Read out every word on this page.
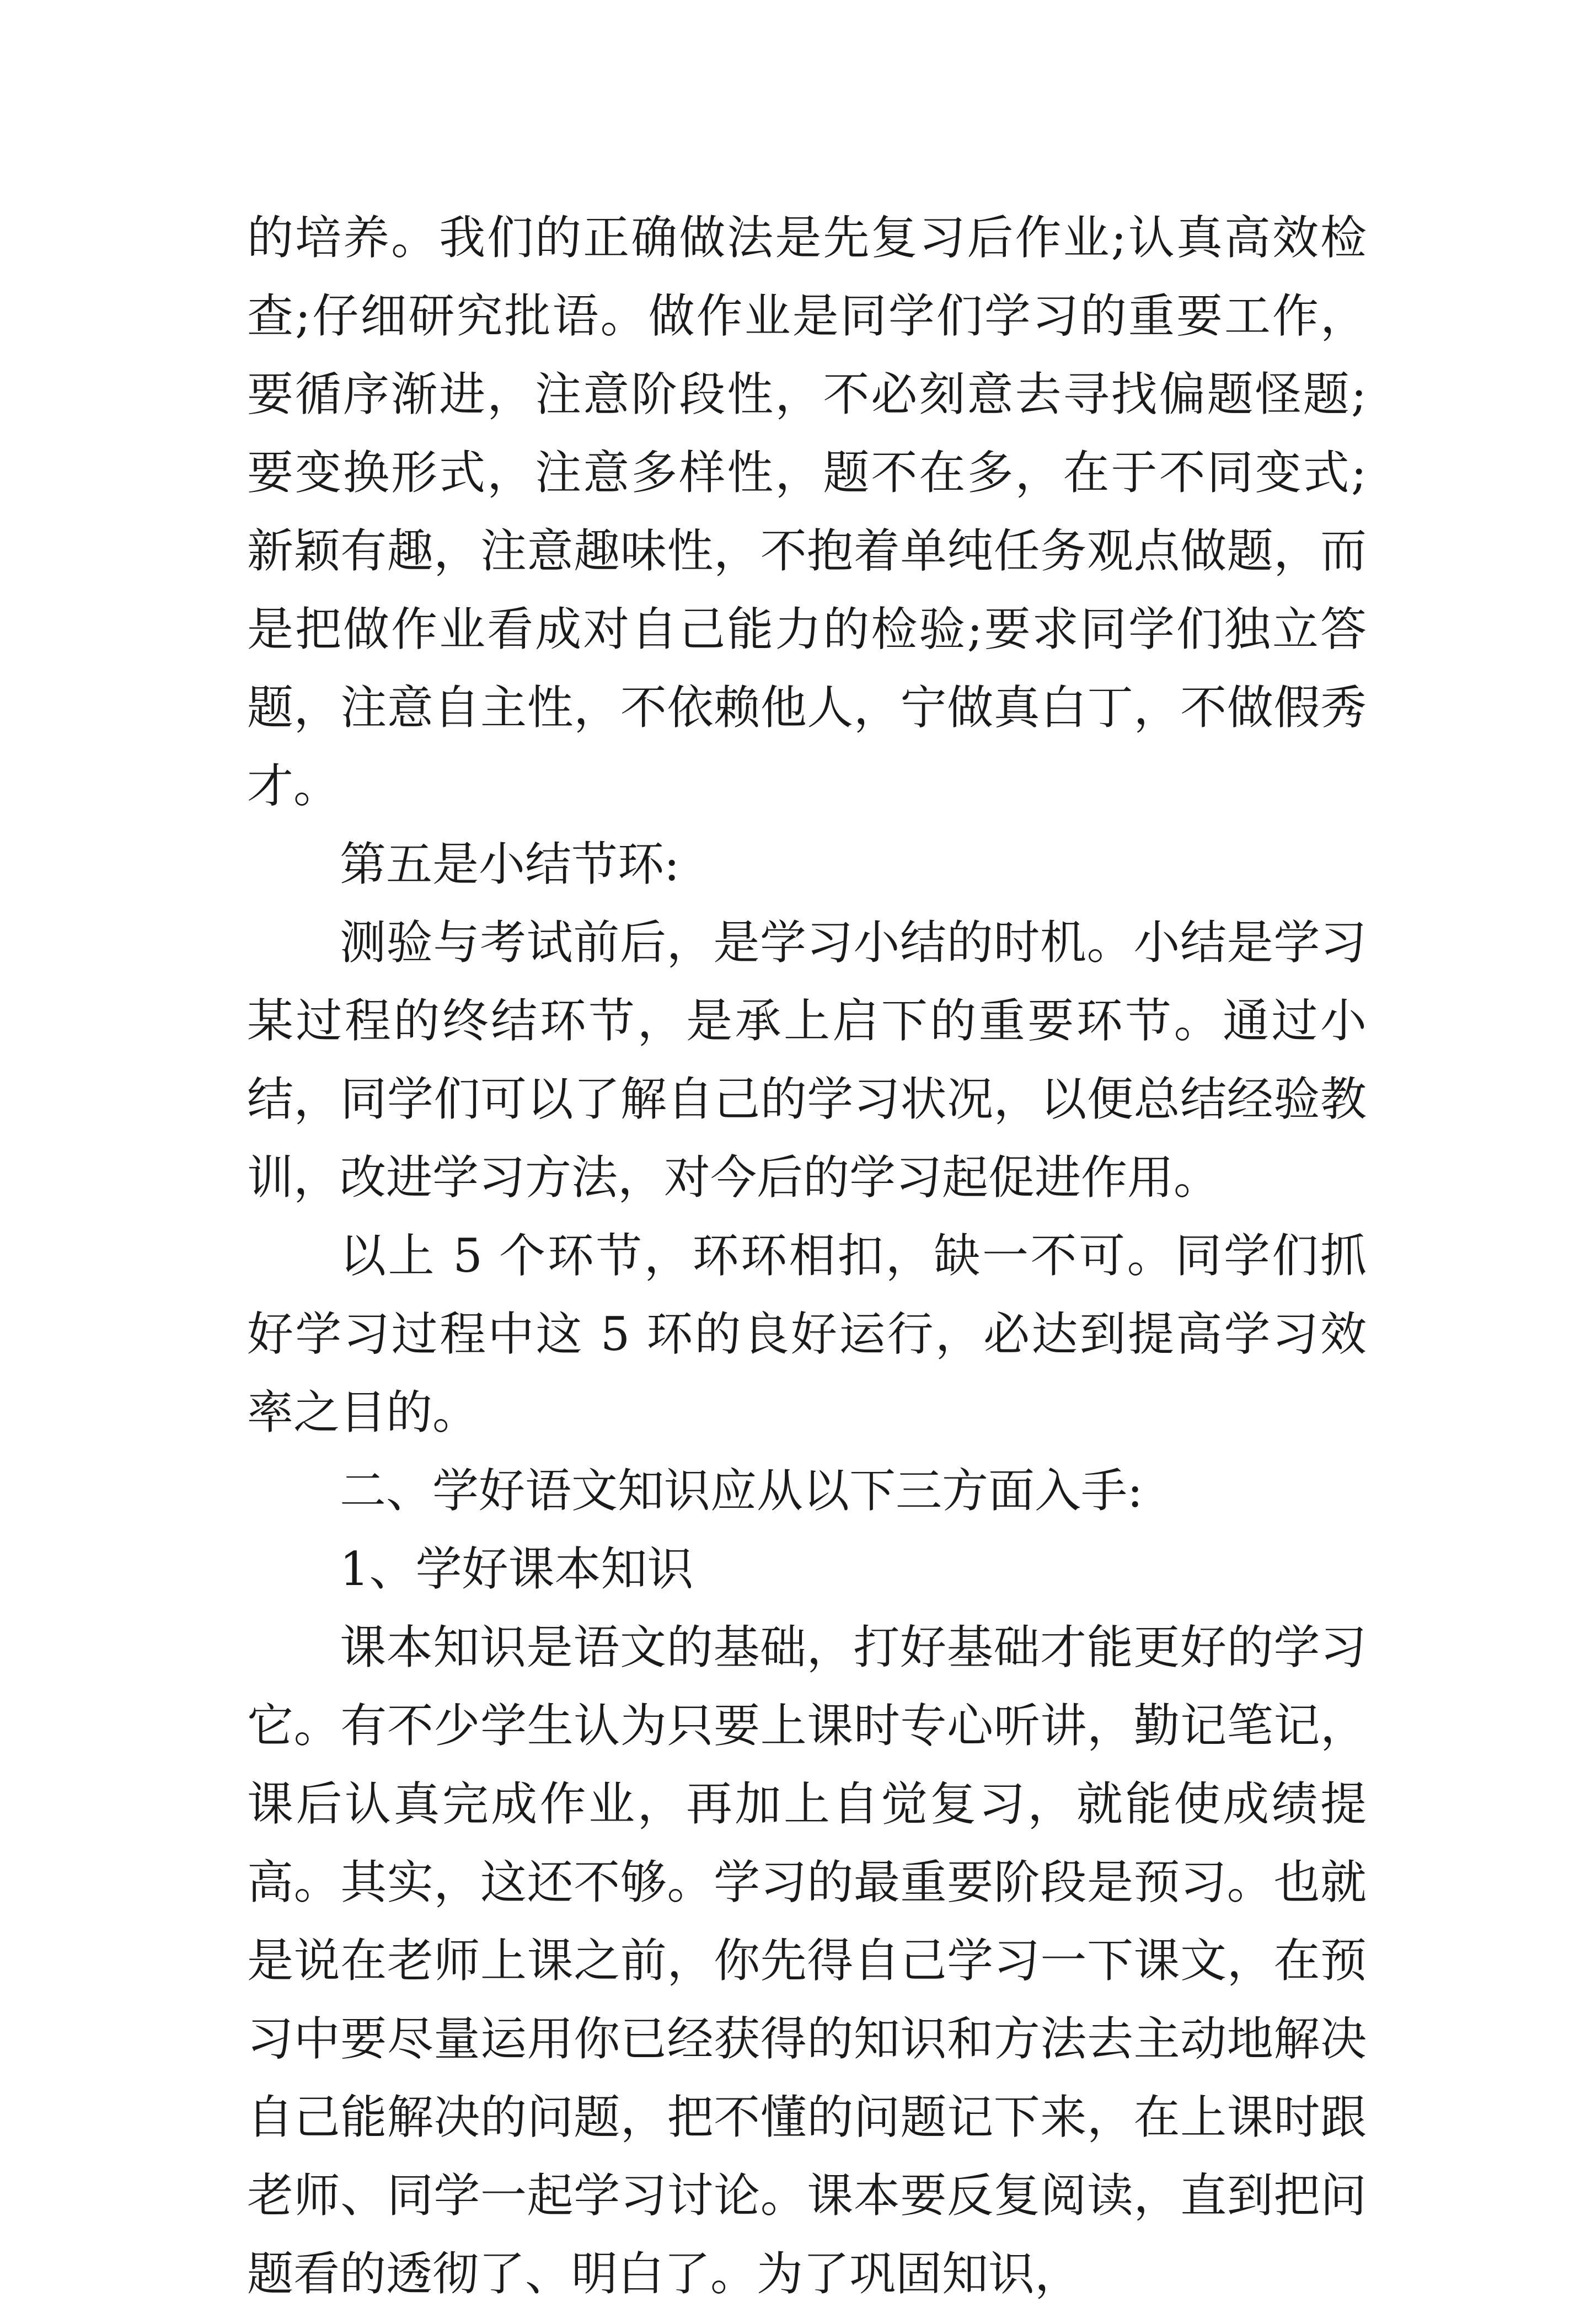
的培养。我们的正确做法是先复习后作业;认真高效检查;仔细研究批语。做作业是同学们学习的重要工作，要循序渐进，注意阶段性，不必刻意去寻找偏题怪题;要变换形式，注意多样性，题不在多，在于不同变式;新颖有趣，注意趣味性，不抱着单纯任务观点做题，而是把做作业看成对自己能力的检验;要求同学们独立答题，注意自主性，不依赖他人，宁做真白丁，不做假秀才。

第五是小结节环:

测验与考试前后，是学习小结的时机。小结是学习某过程的终结环节，是承上启下的重要环节。通过小结，同学们可以了解自己的学习状况，以便总结经验教训，改进学习方法，对今后的学习起促进作用。

以上 5 个环节，环环相扣，缺一不可。同学们抓好学习过程中这 5 环的良好运行，必达到提高学习效率之目的。

二、学好语文知识应从以下三方面入手:

1、学好课本知识

课本知识是语文的基础，打好基础才能更好的学习它。有不少学生认为只要上课时专心听讲，勤记笔记，课后认真完成作业，再加上自觉复习，就能使成绩提高。其实，这还不够。学习的最重要阶段是预习。也就是说在老师上课之前，你先得自己学习一下课文，在预习中要尽量运用你已经获得的知识和方法去主动地解决自己能解决的问题，把不懂的问题记下来，在上课时跟老师、同学一起学习讨论。课本要反复阅读，直到把问题看的透彻了、明白了。为了巩固知识，
